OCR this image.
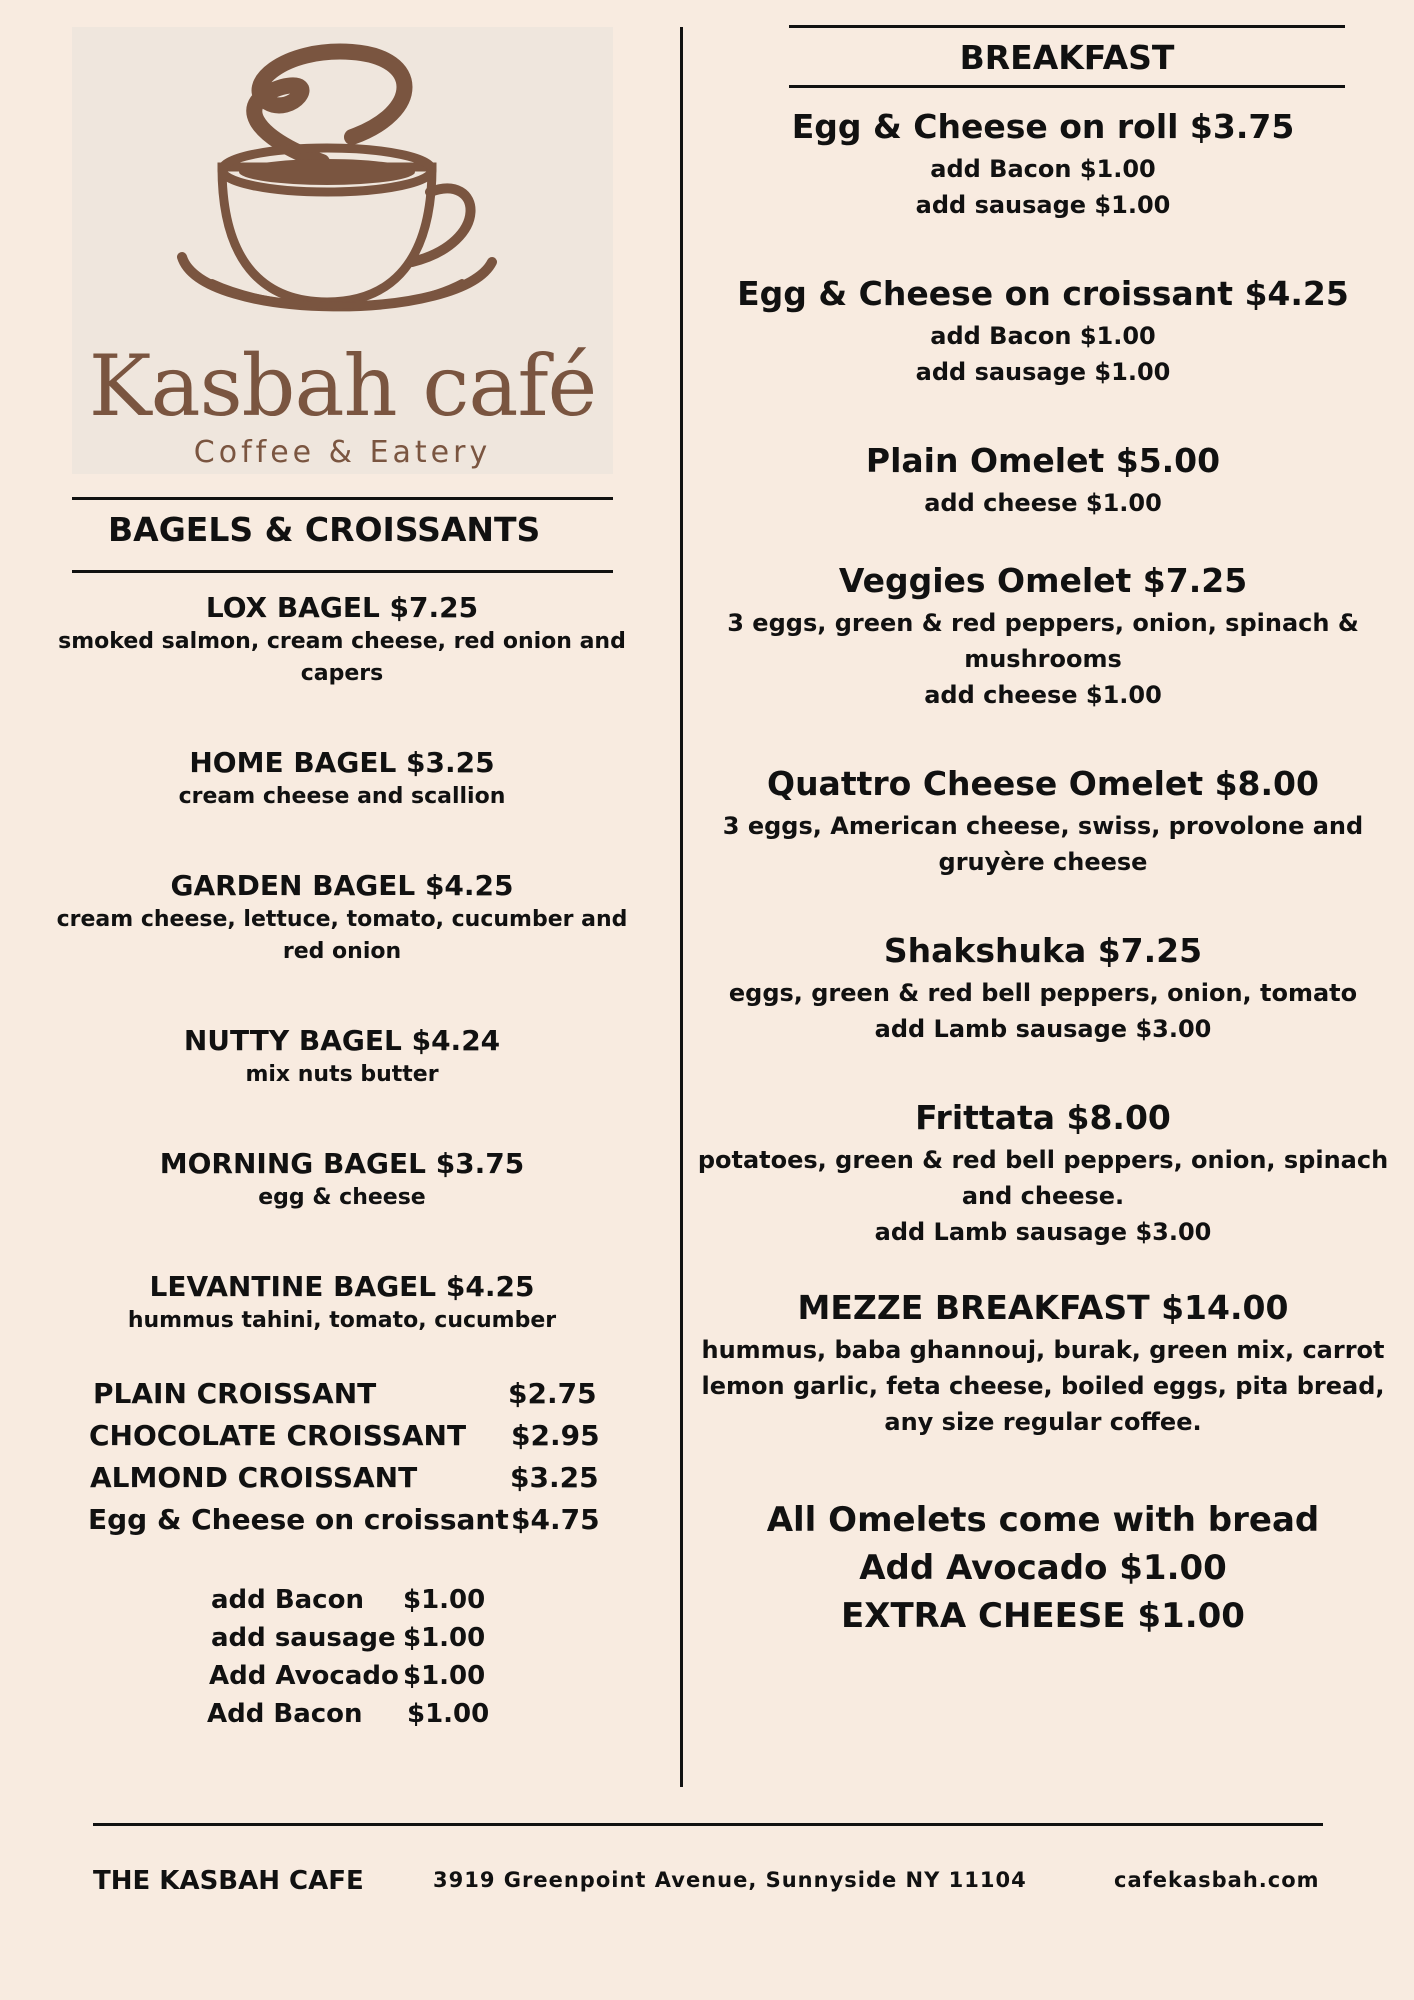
Kasbah café
Coffee & Eatery
BAGELS & CROISSANTS
LOX BAGEL $7.25
smoked salmon, cream cheese, red onion and capers
HOME BAGEL $3.25
cream cheese and scallion
GARDEN BAGEL $4.25
cream cheese, lettuce, tomato, cucumber and red onion
NUTTY BAGEL $4.24
mix nuts butter
MORNING BAGEL $3.75
egg & cheese
LEVANTINE BAGEL $4.25
hummus tahini, tomato, cucumber
PLAIN CROISSANT	$2.75
CHOCOLATE CROISSANT $2.95
ALMOND CROISSANT	$3.25
Egg & Cheese on croissant $4.75
add Bacon $1.00
add sausage $1.00
Add Avocado $1.00
Add Bacon $1.00
BREAKFAST
Egg & Cheese on roll $3.75
add Bacon $1.00
add sausage $1.00
Egg & Cheese on croissant $4.25
add Bacon $1.00
add sausage $1.00
Plain Omelet $5.00
add cheese $1.00
Veggies Omelet $7.25
3 eggs, green & red peppers, onion, spinach & mushrooms
add cheese $1.00
Quattro Cheese Omelet $8.00
3 eggs, American cheese, swiss, provolone and gruyère cheese
Shakshuka $7.25
eggs, green & red bell peppers, onion, tomato
add Lamb sausage $3.00
Frittata $8.00
potatoes, green & red bell peppers, onion, spinach and cheese.
add Lamb sausage $3.00
MEZZE BREAKFAST $14.00
hummus, baba ghannouj, burak, green mix, carrot lemon garlic, feta cheese, boiled eggs, pita bread, any size regular coffee.
All Omelets come with bread
Add Avocado $1.00
EXTRA CHEESE $1.00
THE KASBAH CAFE	3919 Greenpoint Avenue, Sunnyside NY 11104	cafekasbah.com
